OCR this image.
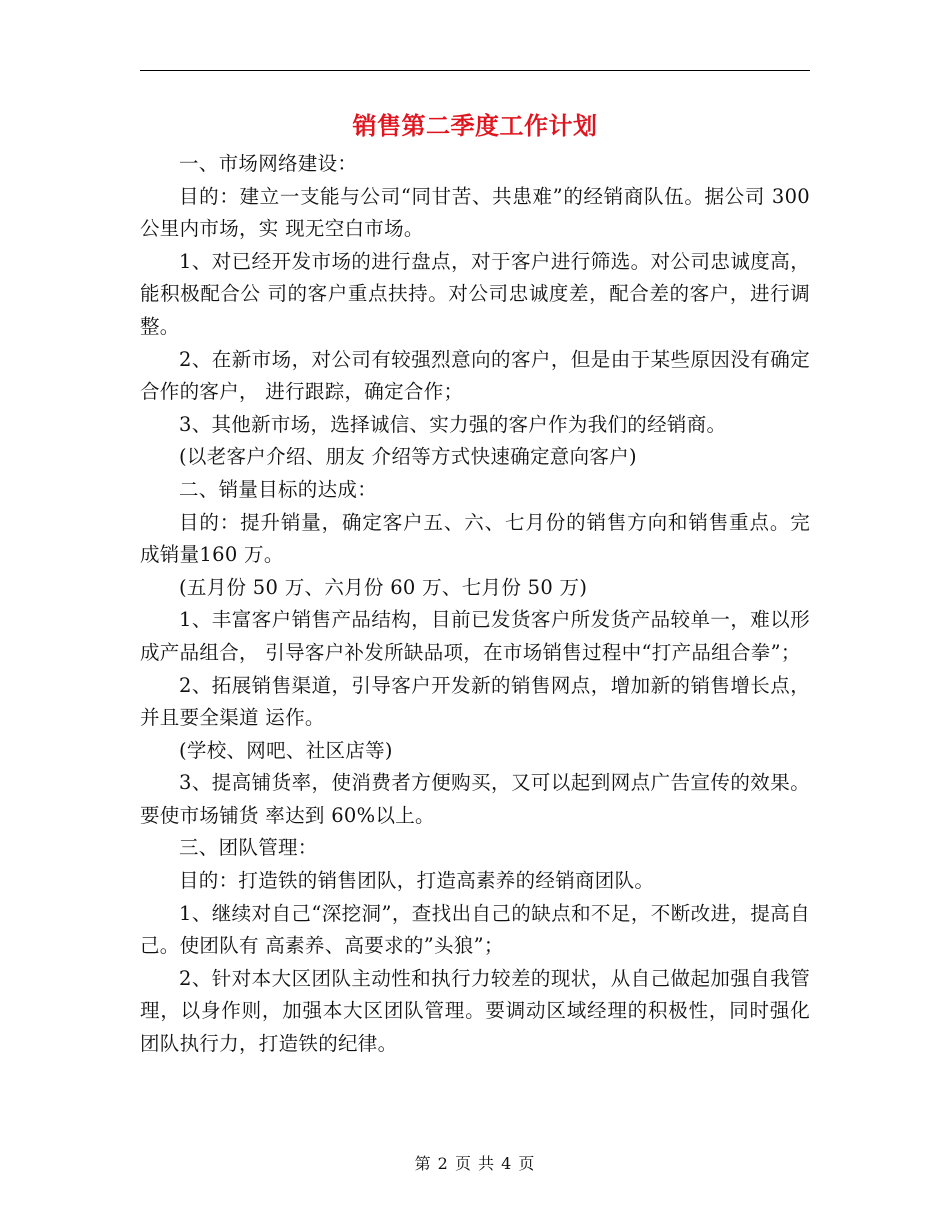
销售第二季度工作计划

一、市场网络建设：

目的：建立一支能与公司“同甘苦、共患难”的经销商队伍。据公司 300 公里内市场，实 现无空白市场。

1、对已经开发市场的进行盘点，对于客户进行筛选。对公司忠诚度高，能积极配合公 司的客户重点扶持。对公司忠诚度差，配合差的客户，进行调整。

2、在新市场，对公司有较强烈意向的客户，但是由于某些原因没有确定合作的客户， 进行跟踪，确定合作；

3、其他新市场，选择诚信、实力强的客户作为我们的经销商。

(以老客户介绍、朋友 介绍等方式快速确定意向客户)

二、销量目标的达成：

目的：提升销量，确定客户五、六、七月份的销售方向和销售重点。完成销量160 万。

(五月份 50 万、六月份 60 万、七月份 50 万)

1、丰富客户销售产品结构，目前已发货客户所发货产品较单一，难以形成产品组合， 引导客户补发所缺品项，在市场销售过程中“打产品组合拳”；

2、拓展销售渠道，引导客户开发新的销售网点，增加新的销售增长点，并且要全渠道 运作。

(学校、网吧、社区店等)

3、提高铺货率，使消费者方便购买，又可以起到网点广告宣传的效果。要使市场铺货 率达到 60%以上。

三、团队管理：

目的：打造铁的销售团队，打造高素养的经销商团队。

1、继续对自己“深挖洞”，查找出自己的缺点和不足，不断改进，提高自己。使团队有 高素养、高要求的”头狼”；

2、针对本大区团队主动性和执行力较差的现状，从自己做起加强自我管理，以身作则，加强本大区团队管理。要调动区域经理的积极性，同时强化团队执行力，打造铁的纪律。

第 2 页 共 4 页
